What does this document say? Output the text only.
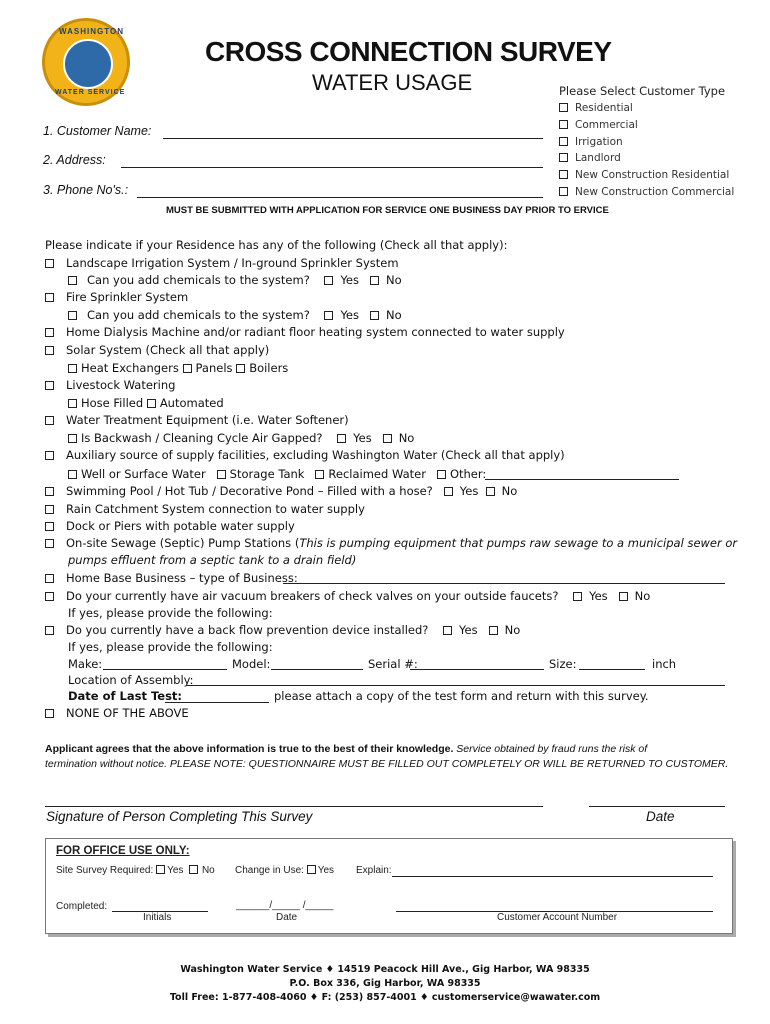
WASHINGTON
WATER SERVICE
CROSS CONNECTION SURVEY
WATER USAGE	Please Select Customer Type
Residential
Commercial
Irrigation
Landlord
New Construction Residential
New Construction Commercial
1. Customer Name:
2. Address:
3. Phone No's.:
MUST BE SUBMITTED WITH APPLICATION FOR SERVICE ONE BUSINESS DAY PRIOR TO ERVICE
Please indicate if your Residence has any of the following (Check all that apply):
Landscape Irrigation System / In-ground Sprinkler System
Can you add chemicals to the system?	Yes No
Fire Sprinkler System
Can you add chemicals to the system?	Yes No
Home Dialysis Machine and/or radiant floor heating system connected to water supply
Solar System (Check all that apply)
Heat Exchangers Panels Boilers
Livestock Watering
Hose Filled Automated
Water Treatment Equipment (i.e. Water Softener)
Is Backwash / Cleaning Cycle Air Gapped?	Yes No
Auxiliary source of supply facilities, excluding Washington Water (Check all that apply)
Well or Surface Water Storage Tank Reclaimed Water Other:
Swimming Pool / Hot Tub / Decorative Pond – Filled with a hose? Yes No
Rain Catchment System connection to water supply
Dock or Piers with potable water supply
On-site Sewage (Septic) Pump Stations (This is pumping equipment that pumps raw sewage to a municipal sewer or
pumps effluent from a septic tank to a drain field)
Home Base Business – type of Business:
Do your currently have air vacuum breakers of check valves on your outside faucets?	Yes No
If yes, please provide the following:
Do you currently have a back flow prevention device installed?	Yes No
If yes, please provide the following:
Make:	Model:	Serial #:	Size:	inch
Location of Assembly:
Date of Last Test:	please attach a copy of the test form and return with this survey.
NONE OF THE ABOVE
Applicant agrees that the above information is true to the best of their knowledge. Service obtained by fraud runs the risk of
termination without notice. PLEASE NOTE: QUESTIONNAIRE MUST BE FILLED OUT COMPLETELY OR WILL BE RETURNED TO CUSTOMER.
Signature of Person Completing This Survey	Date
FOR OFFICE USE ONLY:
Site Survey Required: Yes No Change in Use: Yes Explain:
Completed:
Initials
______/_____ /_____
Date	Customer Account Number
Washington Water Service ♦ 14519 Peacock Hill Ave., Gig Harbor, WA 98335
P.O. Box 336, Gig Harbor, WA 98335
Toll Free: 1-877-408-4060 ♦ F: (253) 857-4001 ♦ customerservice@wawater.com
